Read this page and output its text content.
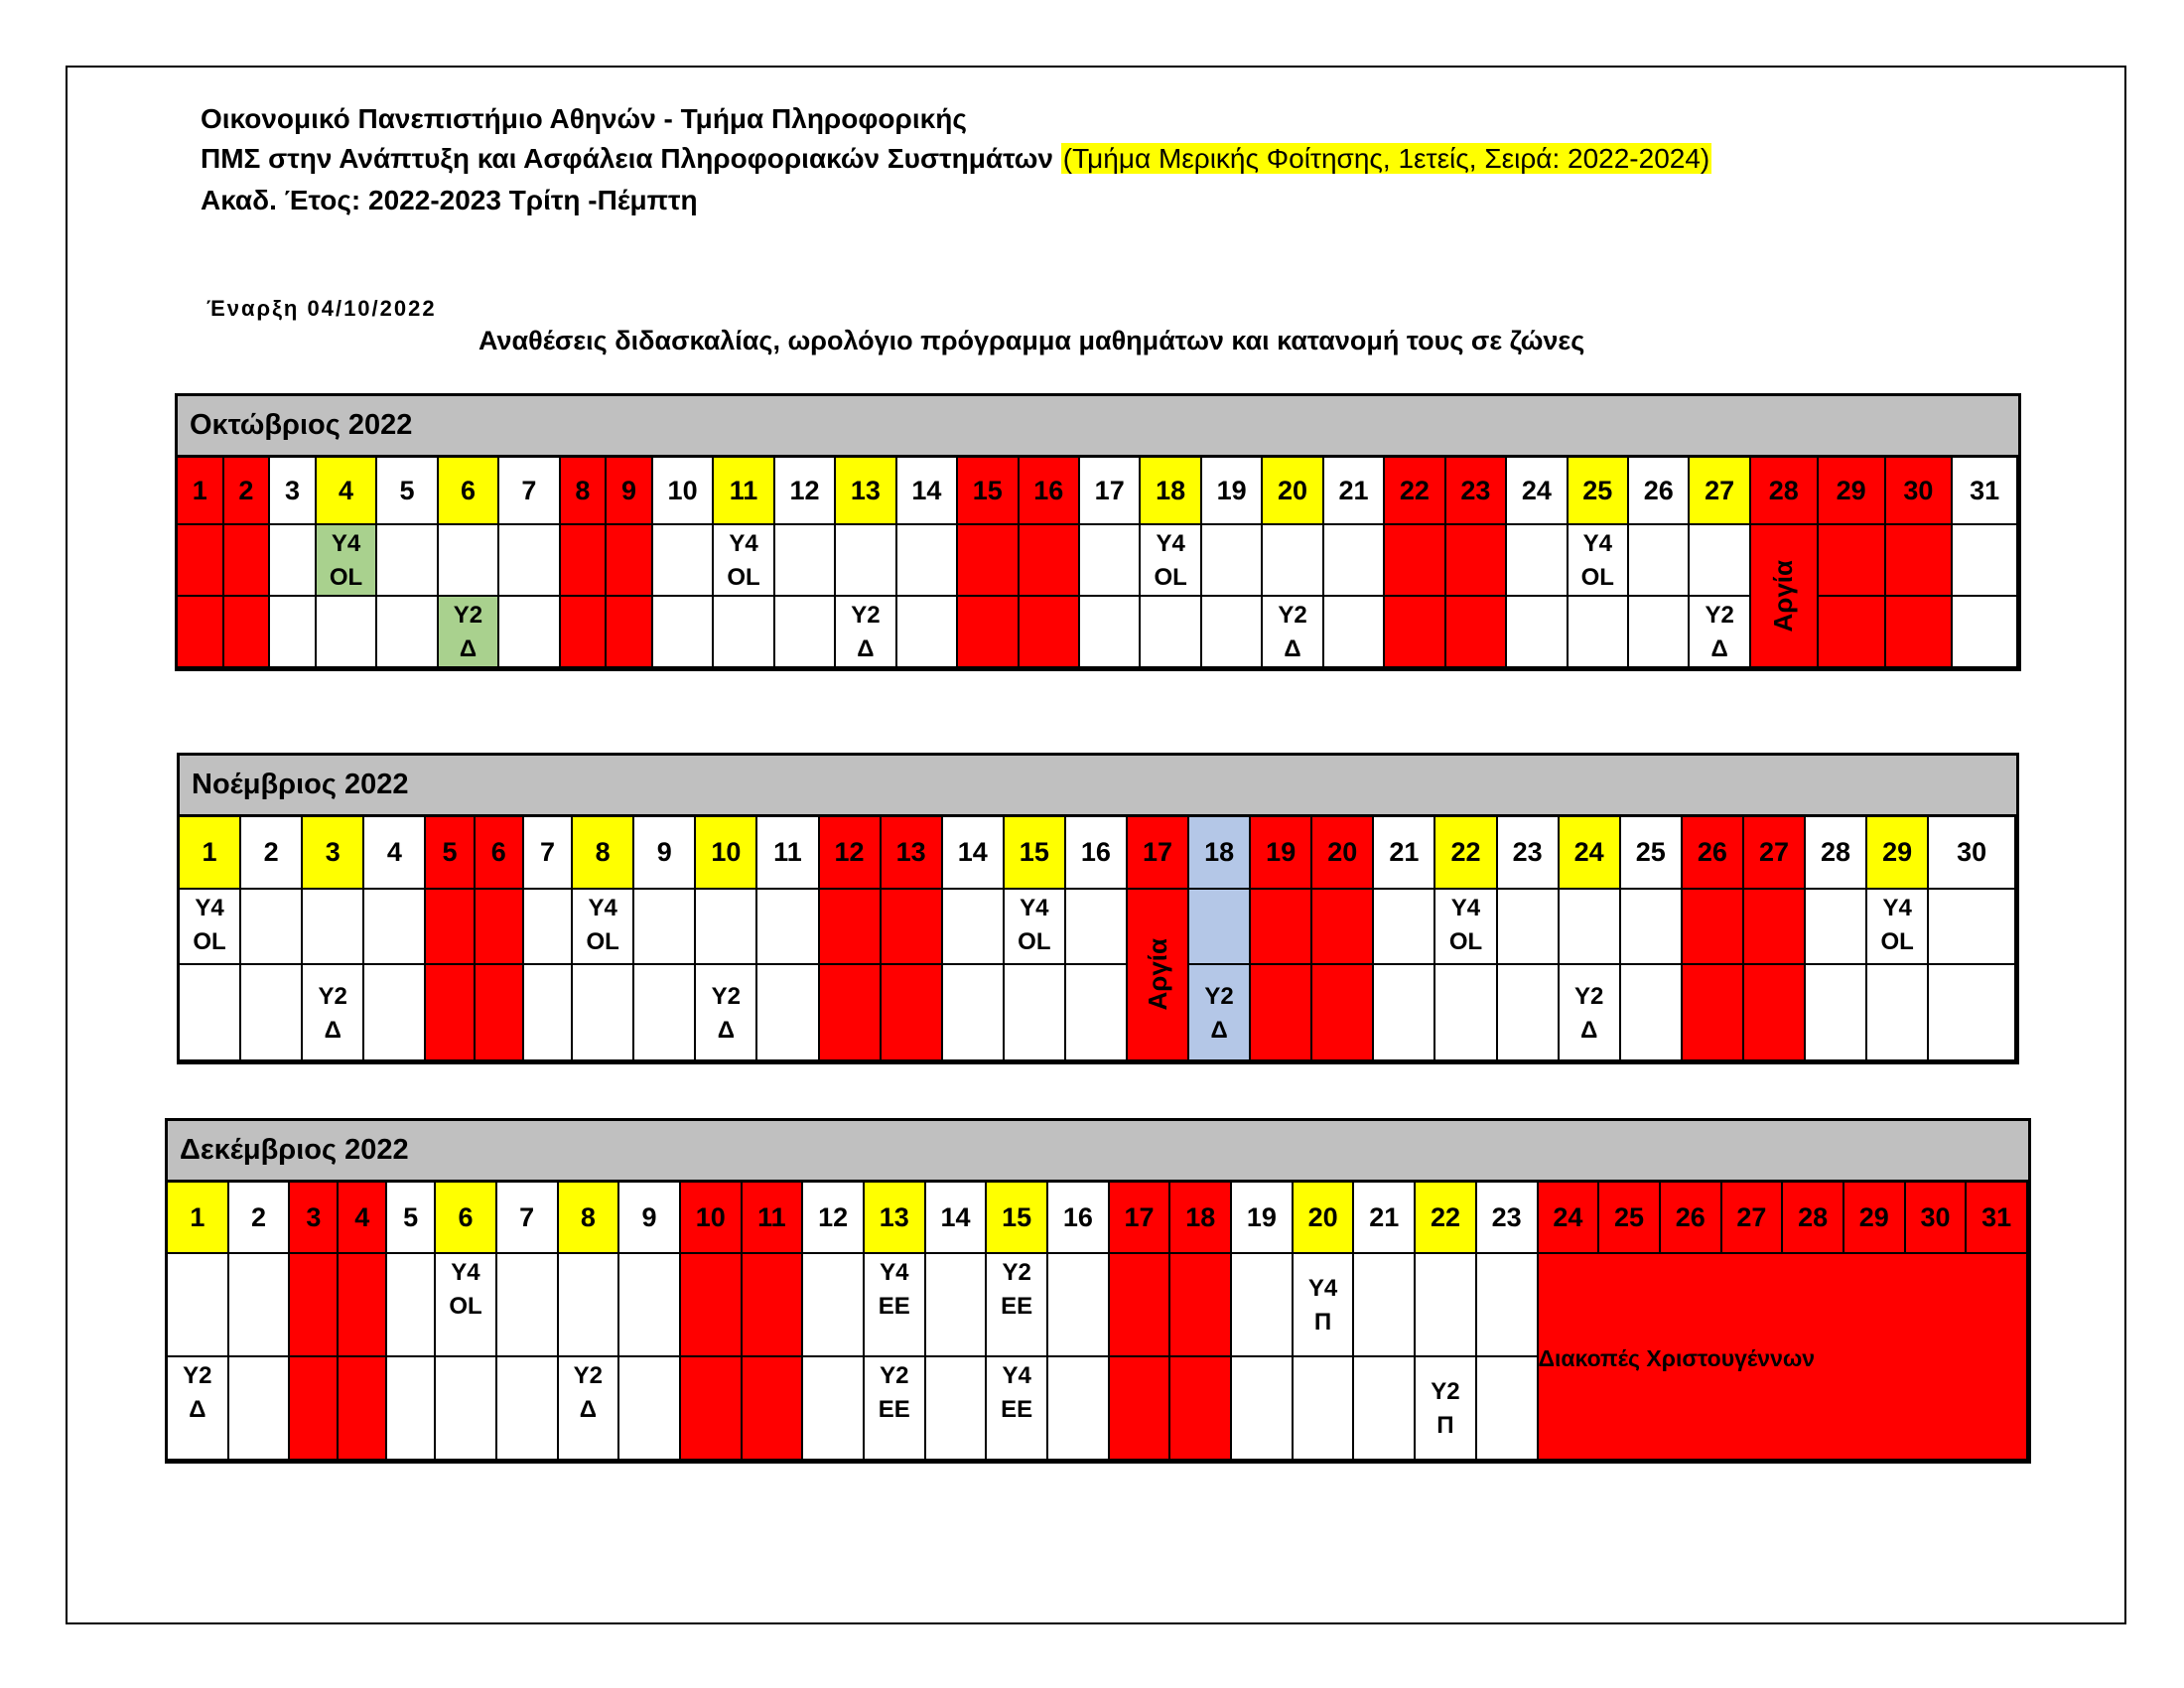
Οικονομικό Πανεπιστήμιο Αθηνών - Τμήμα Πληροφορικής
ΠΜΣ στην Ανάπτυξη και Ασφάλεια Πληροφοριακών Συστημάτων (Τμήμα Μερικής Φοίτησης, 1ετείς, Σειρά: 2022-2024)
Ακαδ. Έτος: 2022-2023 Τρίτη -Πέμπτη
Έναρξη 04/10/2022
Αναθέσεις διδασκαλίας, ωρολόγιο πρόγραμμα μαθημάτων και κατανομή τους σε ζώνες
Οκτώβριος 2022
1 2 3 4 5 6 7 8 9 10 11 12 13 14 15 16 17 18 19 20 21 22 23 24 25 26 27 28 29 30 31
Y4
OL
Y2
Δ
Y4
OL
Y2
Δ
Y4
OL
Y2
Δ
Y4
OL
Y2
Δ
Αργία
Νοέμβριος 2022
1 2 3 4 5 6 7 8 9 10 11 12 13 14 15 16 17 18 19 20 21 22 23 24 25 26 27 28 29 30
Y4
OL
Y2
Δ
Y4
OL
Y2
Δ
Y4
OL
Y2
Δ
Y4
OL
Y2
Δ
Y4
OL
Αργία
Δεκέμβριος 2022
1 2 3 4 5 6 7 8 9 10 11 12 13 14 15 16 17 18 19 20 21 22 23 24 25 26 27 28 29 30 31
Y2
Δ
Y4
OL
Y2
Δ
Y4
EE
Y2
EE
Y2
EE
Y4
EE
Y4
Π
Y2
Π
Διακοπές Χριστουγέννων
